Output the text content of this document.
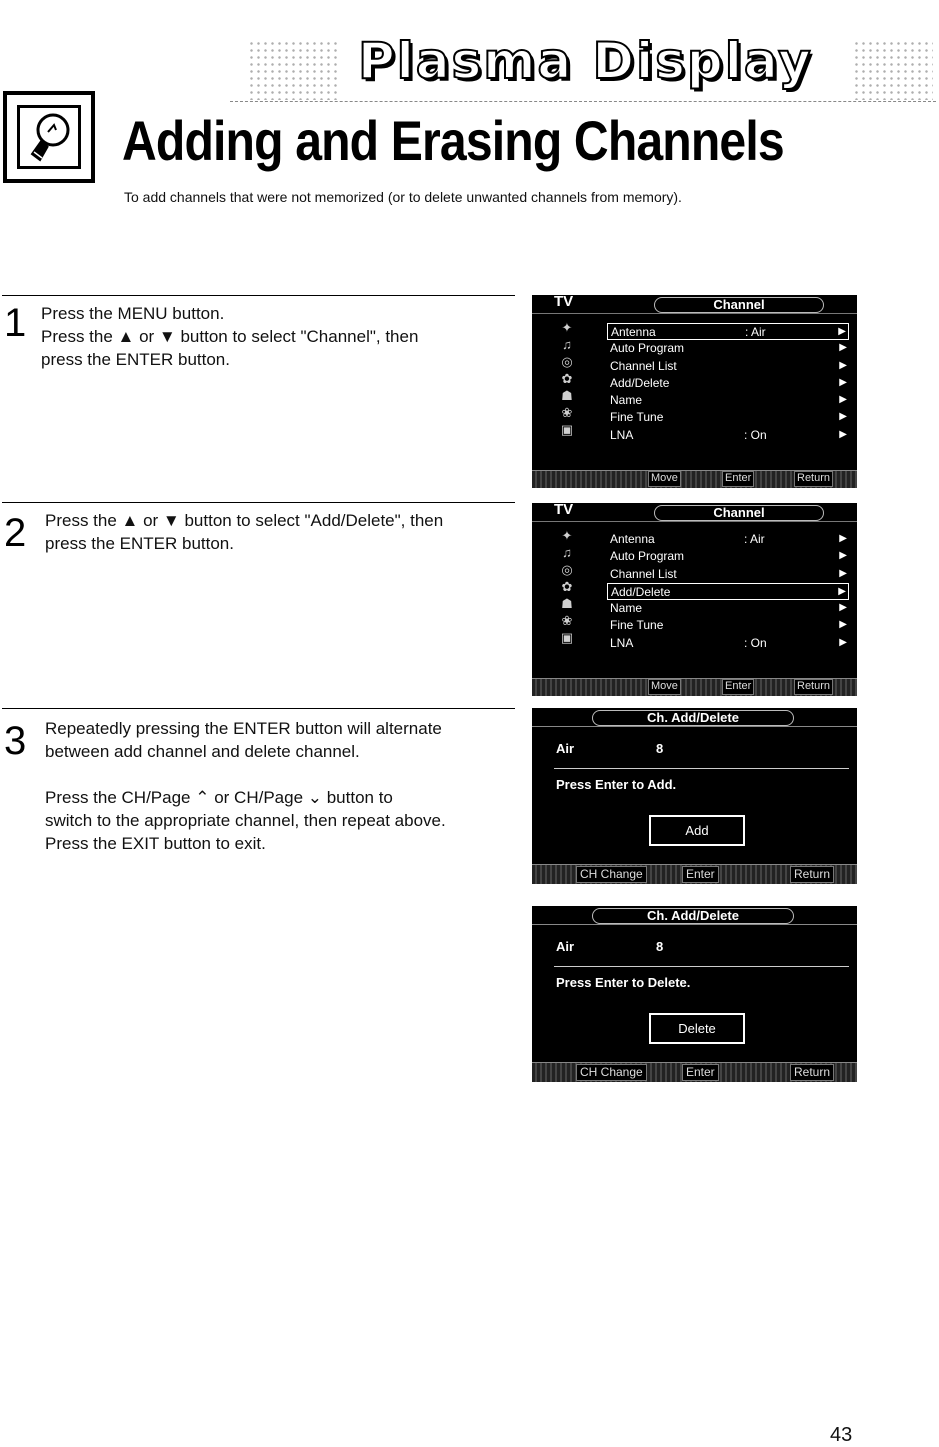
Plasma Display
Adding and Erasing Channels
To add channels that were not memorized (or to delete unwanted channels from memory).
1 Press the MENU button.

Press the ▲ or ▼ button to select "Channel", then

press the ENTER button.

2 Press the ▲ or ▼ button to select "Add/Delete", then

press the ENTER button.

3 Repeatedly pressing the ENTER button will alternate

between add channel and delete channel.

Press the CH/Page ⌃ or CH/Page ⌄ button to

switch to the appropriate channel, then repeat above.

Press the EXIT button to exit.

TV	Channel
✦
♫
◎
✿
☗
❀
▣
Antenna	: Air	▶
Auto Program	▶
Channel List	▶
Add/Delete	▶
Name	▶
Fine Tune	▶
LNA	: On	▶
Move	Enter	Return
TV	Channel
✦
♫
◎
✿
☗
❀
▣
Antenna	: Air	▶
Auto Program	▶
Channel List	▶
Add/Delete	▶
Name	▶
Fine Tune	▶
LNA	: On	▶
Move	Enter	Return
Ch. Add/Delete
Air	8
Press Enter to Add.
Add
CH Change	Enter	Return
Ch. Add/Delete
Air	8
Press Enter to Delete.
Delete
CH Change	Enter	Return
43
